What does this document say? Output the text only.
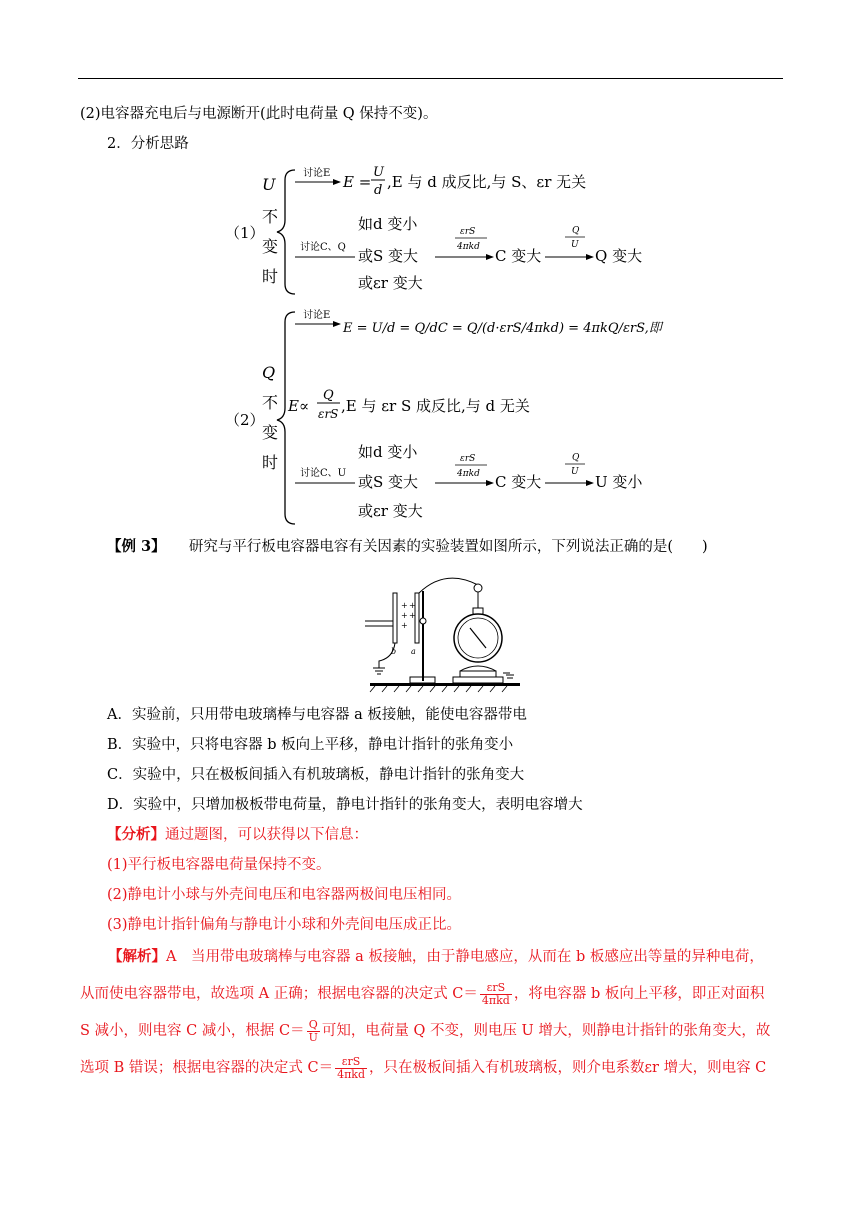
(2)电容器充电后与电源断开(此时电荷量 Q 保持不变)。
2．分析思路
（1）
U
不
变
时
讨论E E =
U
d ,E 与 d 成反比,与 S、εr 无关
如d 变小
讨论C、Q 或S 变大
或εr 变大
εrS
4πkd C 变大
Q
U
Q 变大
（2）
Q
不
变
时
讨论E
E = U/d = Q/dC = Q/(d·εrS/4πkd) = 4πkQ/εrS,即
E∝
Q
εrS ,E 与 εr S 成反比,与 d 无关
如d 变小
讨论C、U 或S 变大
或εr 变大
εrS
4πkd C 变大
Q
U
U 变小
【例 3】 研究与平行板电容器电容有关因素的实验装置如图所示，下列说法正确的是(　　)
+
+
+
+
+
b a
A．实验前，只用带电玻璃棒与电容器 a 板接触，能使电容器带电
B．实验中，只将电容器 b 板向上平移，静电计指针的张角变小
C．实验中，只在极板间插入有机玻璃板，静电计指针的张角变大
D．实验中，只增加极板带电荷量，静电计指针的张角变大，表明电容增大
【分析】通过题图，可以获得以下信息：
(1)平行板电容器电荷量保持不变。
(2)静电计小球与外壳间电压和电容器两极间电压相同。
(3)静电计指针偏角与静电计小球和外壳间电压成正比。
【解析】A　当用带电玻璃棒与电容器 a 板接触，由于静电感应，从而在 b 板感应出等量的异种电荷，
从而使电容器带电，故选项 A 正确；根据电容器的决定式 $C= \frac{\text{εrS}}{\text{4πkd}}$ ，将电容器 b 板向上平移，即正对面积
S 减小，则电容 C 减小，根据 $C= \frac{Q}{U}$ 可知，电荷量 Q 不变，则电压 U 增大，则静电计指针的张角变大，故
选项 B 错误；根据电容器的决定式 $C= \frac{\text{εrS}}{\text{4πkd}}$ ，只在极板间插入有机玻璃板，则介电系数εr 增大，则电容 C
